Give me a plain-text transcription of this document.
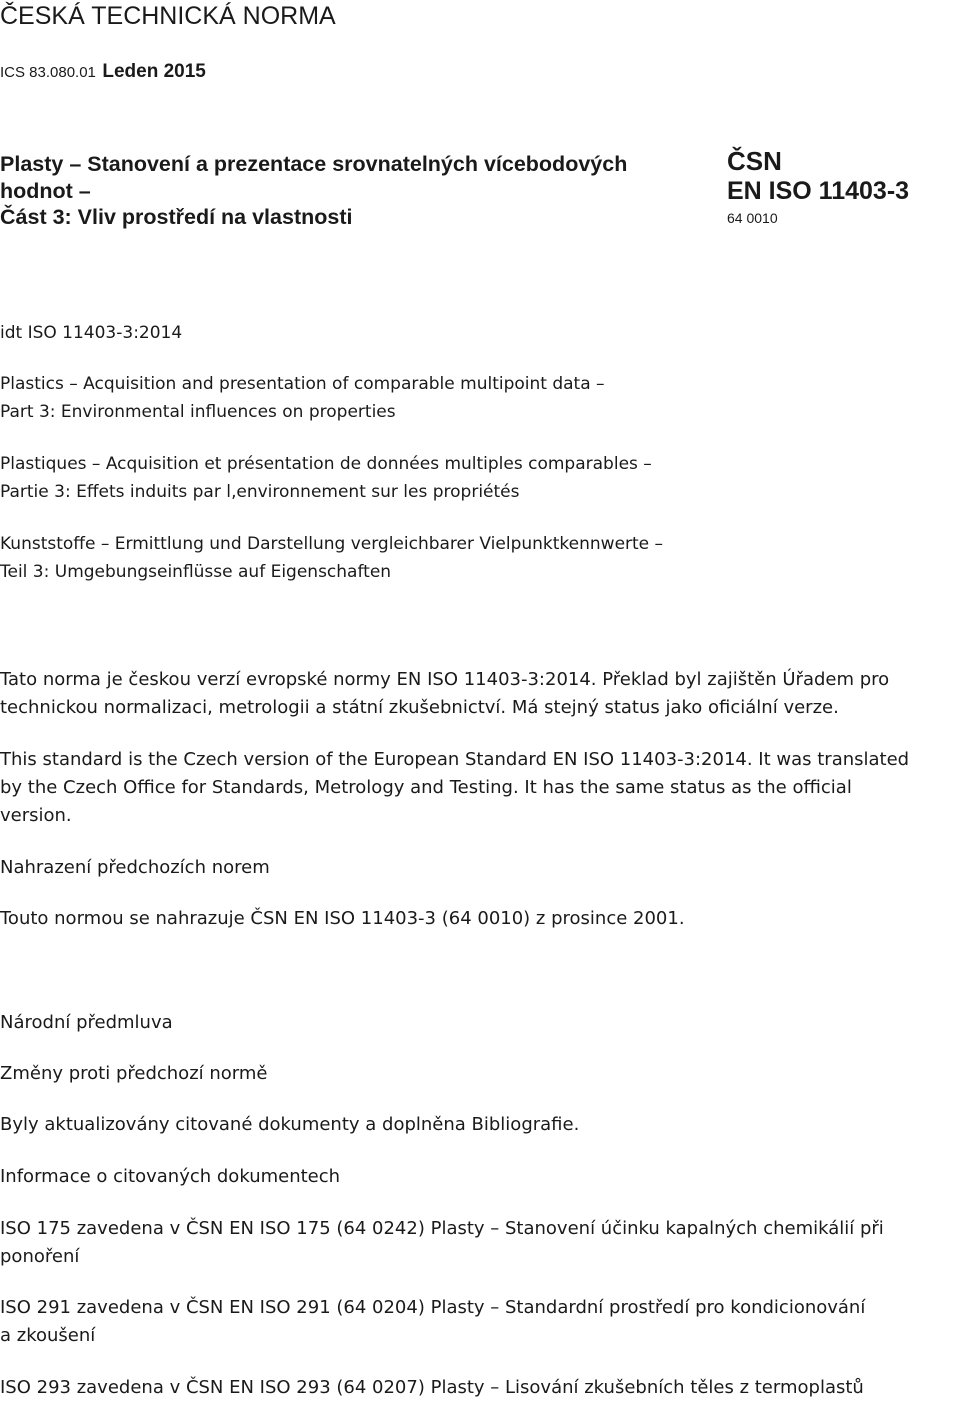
ČESKÁ TECHNICKÁ NORMA
ICS 83.080.01 Leden 2015
Plasty – Stanovení a prezentace srovnatelných vícebodových
hodnot –
Část 3: Vliv prostředí na vlastnosti
ČSN
EN ISO 11403-3
64 0010
idt ISO 11403-3:2014
Plastics – Acquisition and presentation of comparable multipoint data –
Part 3: Environmental influences on properties
Plastiques – Acquisition et présentation de données multiples comparables –
Partie 3: Effets induits par l‚environnement sur les propriétés
Kunststoffe – Ermittlung und Darstellung vergleichbarer Vielpunktkennwerte –
Teil 3: Umgebungseinflüsse auf Eigenschaften
Tato norma je českou verzí evropské normy EN ISO 11403-3:2014. Překlad byl zajištěn Úřadem pro
technickou normalizaci, metrologii a státní zkušebnictví. Má stejný status jako oficiální verze.
This standard is the Czech version of the European Standard EN ISO 11403-3:2014. It was translated
by the Czech Office for Standards, Metrology and Testing. It has the same status as the official
version.
Nahrazení předchozích norem
Touto normou se nahrazuje ČSN EN ISO 11403-3 (64 0010) z prosince 2001.
Národní předmluva
Změny proti předchozí normě
Byly aktualizovány citované dokumenty a doplněna Bibliografie.
Informace o citovaných dokumentech
ISO 175 zavedena v ČSN EN ISO 175 (64 0242) Plasty – Stanovení účinku kapalných chemikálií při
ponoření
ISO 291 zavedena v ČSN EN ISO 291 (64 0204) Plasty – Standardní prostředí pro kondicionování
a zkoušení
ISO 293 zavedena v ČSN EN ISO 293 (64 0207) Plasty – Lisování zkušebních těles z termoplastů
